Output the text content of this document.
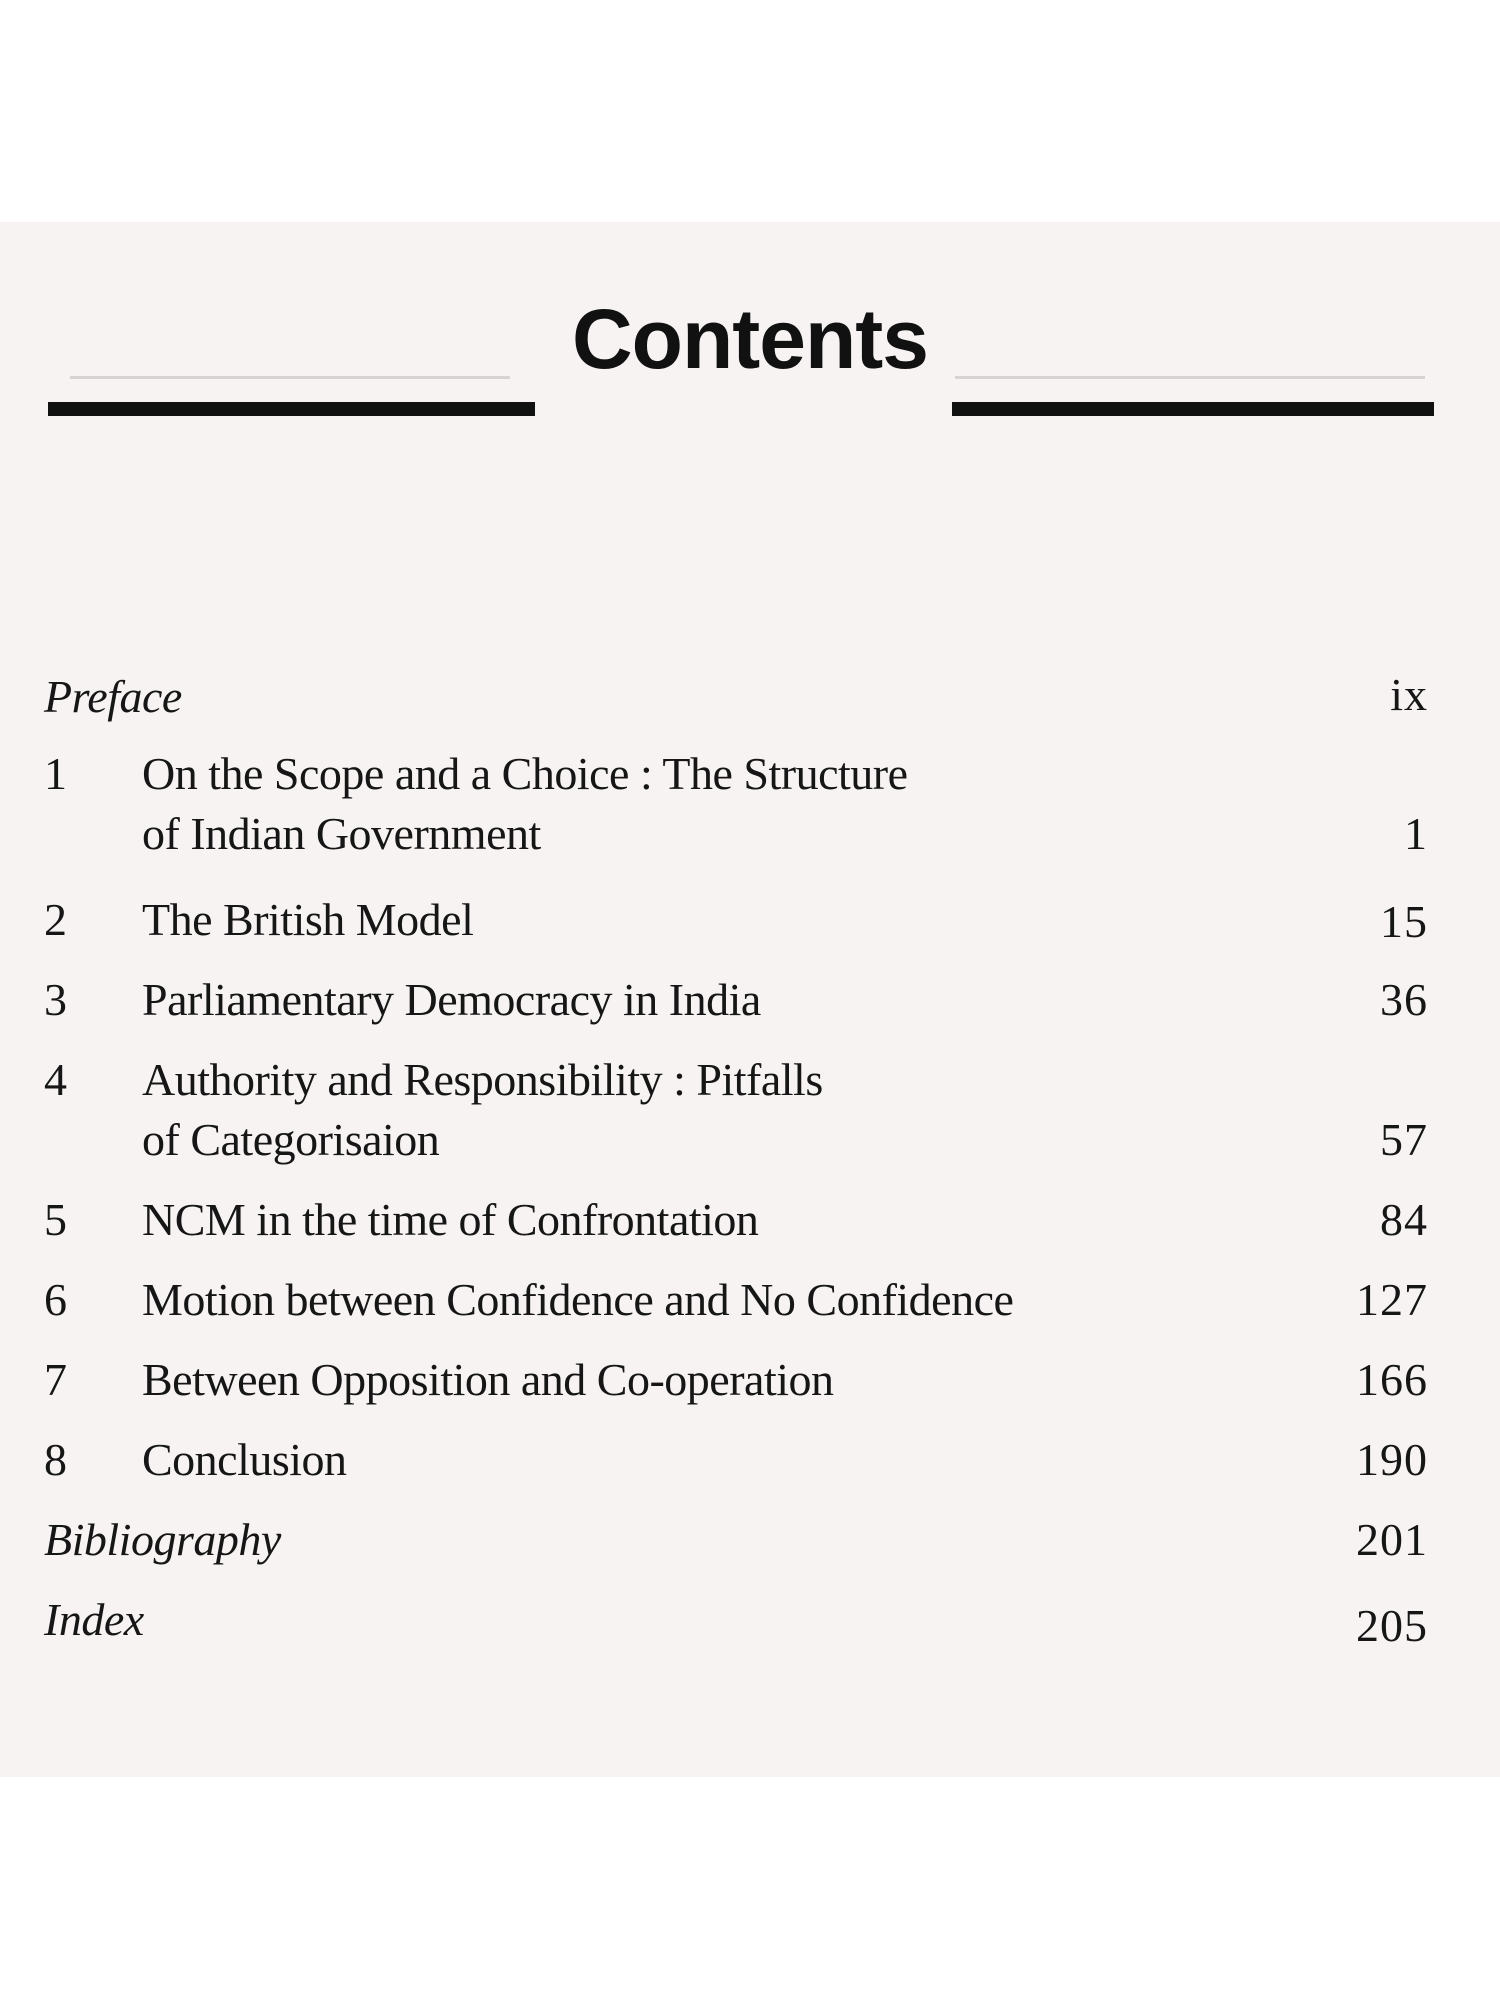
Contents
Preface	ix
1 On the Scope and a Choice : The Structure
of Indian Government	1
2 The British Model	15
3 Parliamentary Democracy in India	36
4 Authority and Responsibility : Pitfalls
of Categorisaion	57
5 NCM in the time of Confrontation	84
6 Motion between Confidence and No Confidence	127
7 Between Opposition and Co-operation	166
8 Conclusion	190
Bibliography	201
Index	205
